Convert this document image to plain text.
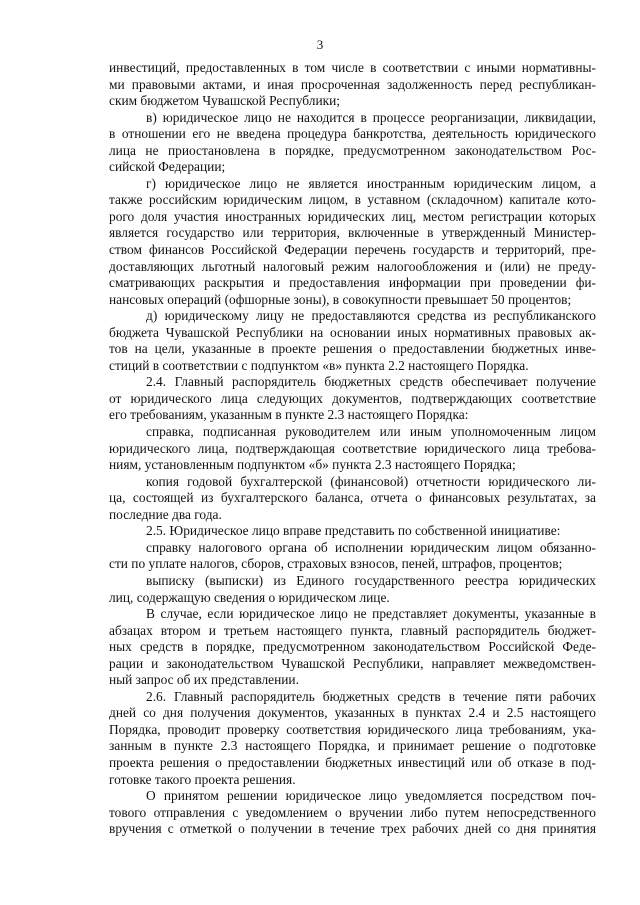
3
инвестиций, предоставленных в том числе в соответствии с иными нормативны-
ми правовыми актами, и иная просроченная задолженность перед республикан-
ским бюджетом Чувашской Республики;
в) юридическое лицо не находится в процессе реорганизации, ликвидации,
в отношении его не введена процедура банкротства, деятельность юридического
лица не приостановлена в порядке, предусмотренном законодательством Рос-
сийской Федерации;
г) юридическое лицо не является иностранным юридическим лицом, а
также российским юридическим лицом, в уставном (складочном) капитале кото-
рого доля участия иностранных юридических лиц, местом регистрации которых
является государство или территория, включенные в утвержденный Министер-
ством финансов Российской Федерации перечень государств и территорий, пре-
доставляющих льготный налоговый режим налогообложения и (или) не преду-
сматривающих раскрытия и предоставления информации при проведении фи-
нансовых операций (офшорные зоны), в совокупности превышает 50 процентов;
д) юридическому лицу не предоставляются средства из республиканского
бюджета Чувашской Республики на основании иных нормативных правовых ак-
тов на цели, указанные в проекте решения о предоставлении бюджетных инве-
стиций в соответствии с подпунктом «в» пункта 2.2 настоящего Порядка.
2.4. Главный распорядитель бюджетных средств обеспечивает получение
от юридического лица следующих документов, подтверждающих соответствие
его требованиям, указанным в пункте 2.3 настоящего Порядка:
справка, подписанная руководителем или иным уполномоченным лицом
юридического лица, подтверждающая соответствие юридического лица требова-
ниям, установленным подпунктом «б» пункта 2.3 настоящего Порядка;
копия годовой бухгалтерской (финансовой) отчетности юридического ли-
ца, состоящей из бухгалтерского баланса, отчета о финансовых результатах, за
последние два года.
2.5. Юридическое лицо вправе представить по собственной инициативе:
справку налогового органа об исполнении юридическим лицом обязанно-
сти по уплате налогов, сборов, страховых взносов, пеней, штрафов, процентов;
выписку (выписки) из Единого государственного реестра юридических
лиц, содержащую сведения о юридическом лице.
В случае, если юридическое лицо не представляет документы, указанные в
абзацах втором и третьем настоящего пункта, главный распорядитель бюджет-
ных средств в порядке, предусмотренном законодательством Российской Феде-
рации и законодательством Чувашской Республики, направляет межведомствен-
ный запрос об их представлении.
2.6. Главный распорядитель бюджетных средств в течение пяти рабочих
дней со дня получения документов, указанных в пунктах 2.4 и 2.5 настоящего
Порядка, проводит проверку соответствия юридического лица требованиям, ука-
занным в пункте 2.3 настоящего Порядка, и принимает решение о подготовке
проекта решения о предоставлении бюджетных инвестиций или об отказе в под-
готовке такого проекта решения.
О принятом решении юридическое лицо уведомляется посредством поч-
тового отправления с уведомлением о вручении либо путем непосредственного
вручения с отметкой о получении в течение трех рабочих дней со дня принятия
